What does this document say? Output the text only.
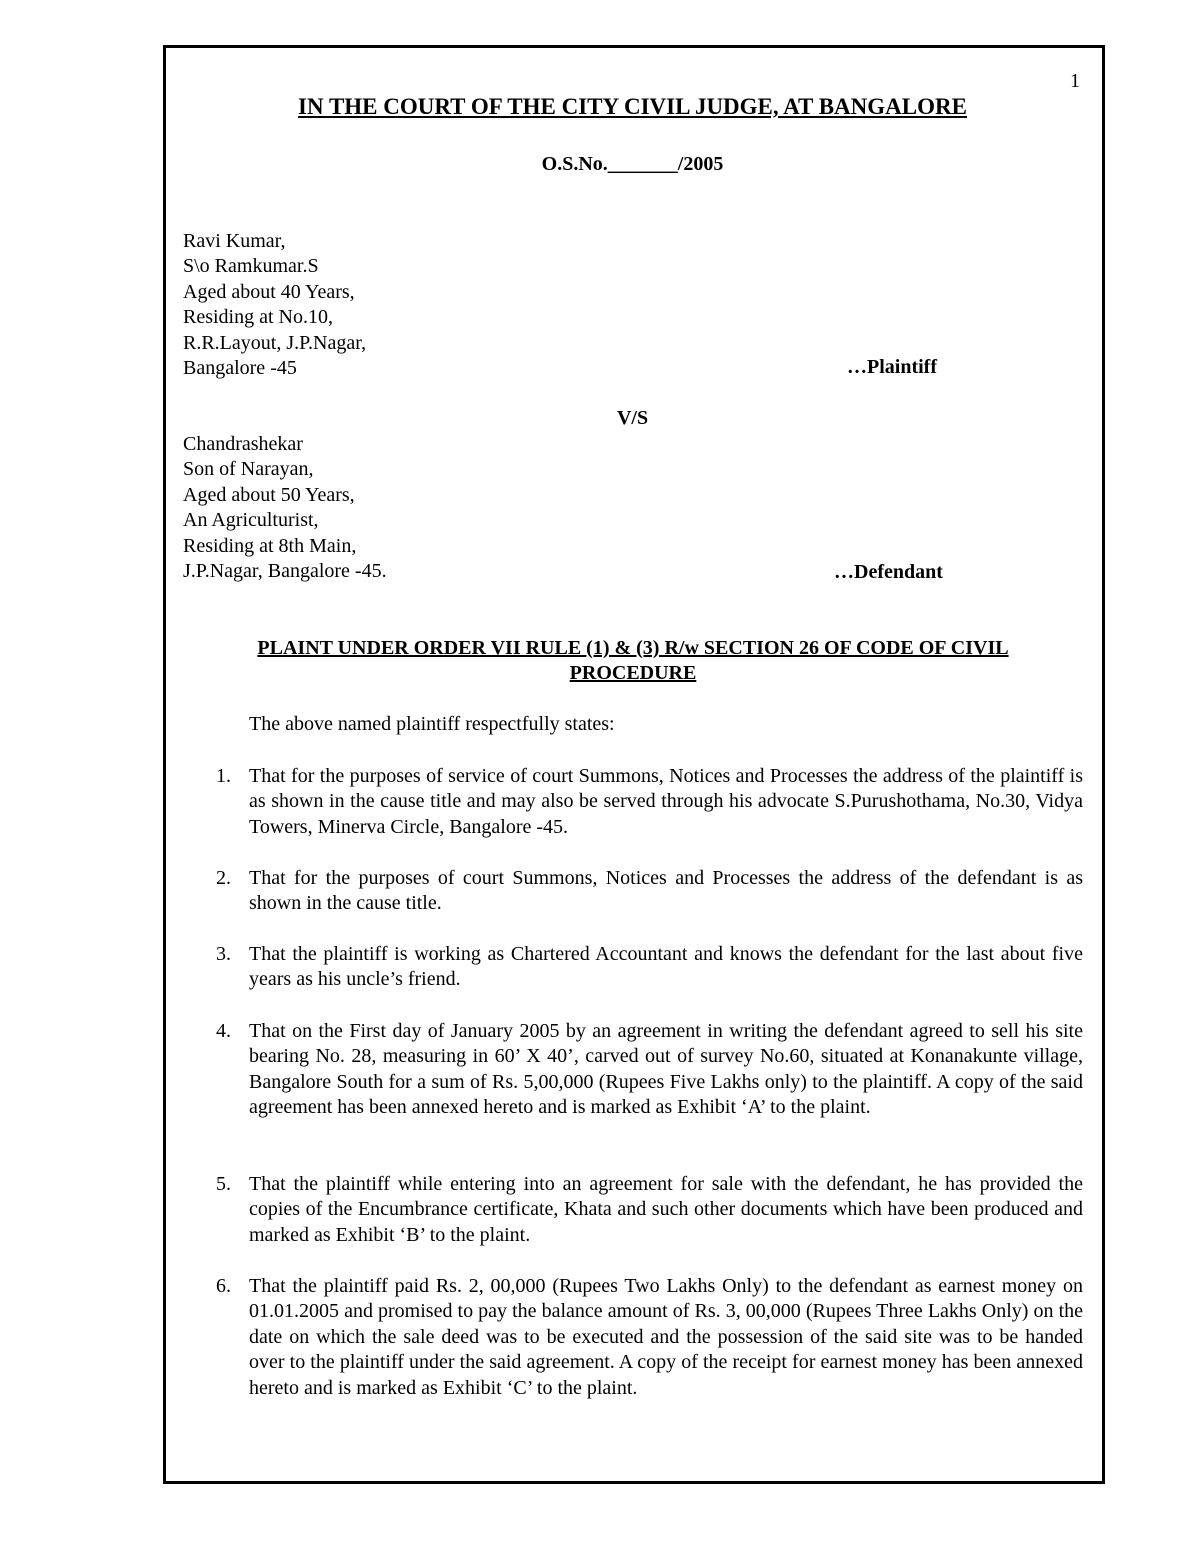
1
IN THE COURT OF THE CITY CIVIL JUDGE, AT BANGALORE
O.S.No._______/2005
Ravi Kumar,
S\o Ramkumar.S
Aged about 40 Years,
Residing at No.10,
R.R.Layout, J.P.Nagar,
Bangalore -45	…Plaintiff
V/S
Chandrashekar
Son of Narayan,
Aged about 50 Years,
An Agriculturist,
Residing at 8th Main,
J.P.Nagar, Bangalore -45.	…Defendant
PLAINT UNDER ORDER VII RULE (1) & (3) R/w SECTION 26 OF CODE OF CIVIL PROCEDURE
The above named plaintiff respectfully states:
1. That for the purposes of service of court Summons, Notices and Processes the address of the plaintiff is as shown in the cause title and may also be served through his advocate S.Purushothama, No.30, Vidya Towers, Minerva Circle, Bangalore -45.
2. That for the purposes of court Summons, Notices and Processes the address of the defendant is as shown in the cause title.
3. That the plaintiff is working as Chartered Accountant and knows the defendant for the last about five years as his uncle’s friend.
4. That on the First day of January 2005 by an agreement in writing the defendant agreed to sell his site bearing No. 28, measuring in 60’ X 40’, carved out of survey No.60, situated at Konanakunte village, Bangalore South for a sum of Rs. 5,00,000 (Rupees Five Lakhs only) to the plaintiff. A copy of the said agreement has been annexed hereto and is marked as Exhibit ‘A’ to the plaint.
5. That the plaintiff while entering into an agreement for sale with the defendant, he has provided the copies of the Encumbrance certificate, Khata and such other documents which have been produced and marked as Exhibit ‘B’ to the plaint.
6. That the plaintiff paid Rs. 2, 00,000 (Rupees Two Lakhs Only) to the defendant as earnest money on 01.01.2005 and promised to pay the balance amount of Rs. 3, 00,000 (Rupees Three Lakhs Only) on the date on which the sale deed was to be executed and the possession of the said site was to be handed over to the plaintiff under the said agreement. A copy of the receipt for earnest money has been annexed hereto and is marked as Exhibit ‘C’ to the plaint.
